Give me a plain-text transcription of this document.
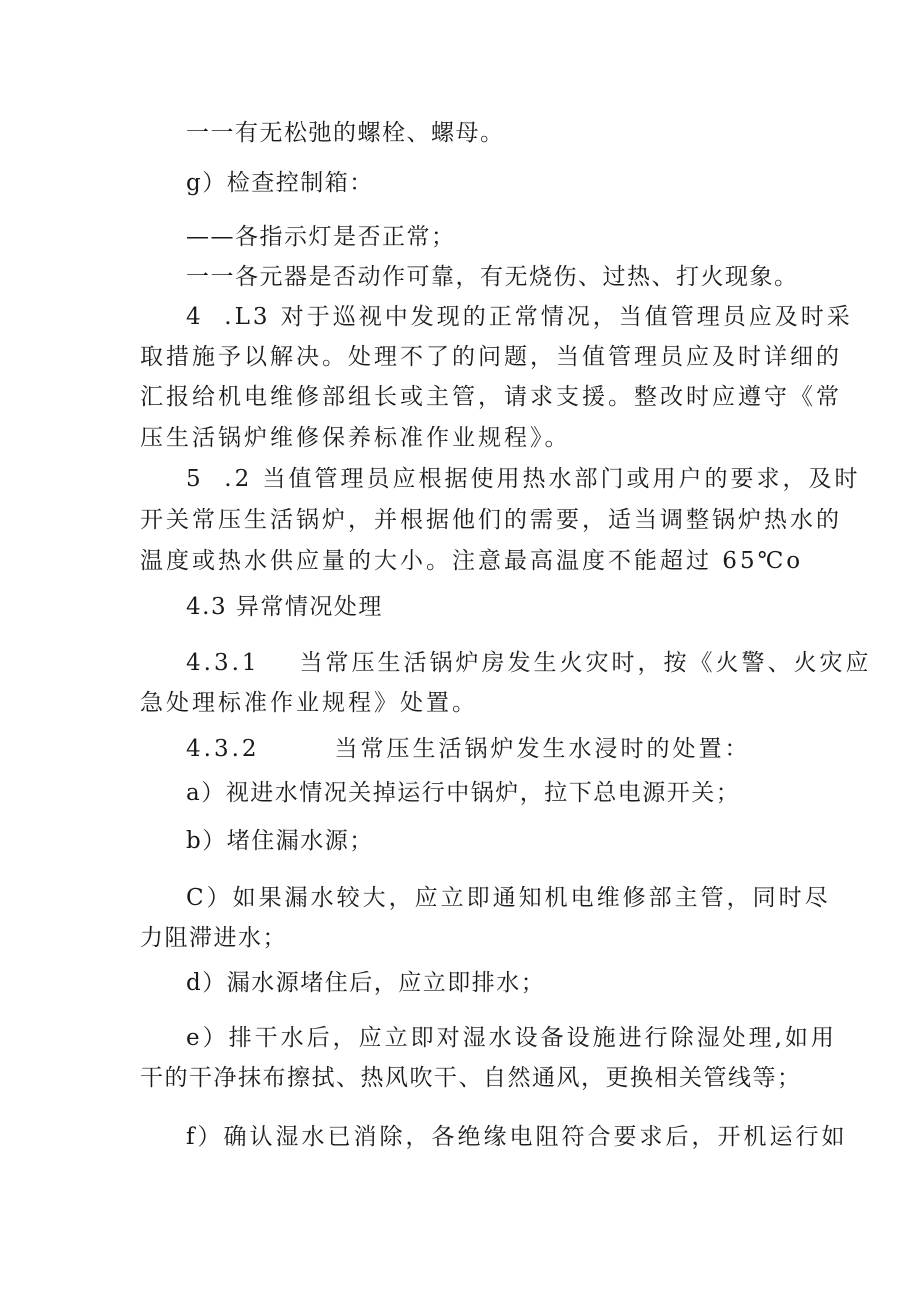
一一有无松弛的螺栓、螺母。
g）检查控制箱：
——各指示灯是否正常；
一一各元器是否动作可靠，有无烧伤、过热、打火现象。
4  .L3 对于巡视中发现的正常情况，当值管理员应及时采
取措施予以解决。处理不了的问题，当值管理员应及时详细的
汇报给机电维修部组长或主管，请求支援。整改时应遵守《常
压生活锅炉维修保养标准作业规程》。
5  .2 当值管理员应根据使用热水部门或用户的要求，及时
开关常压生活锅炉，并根据他们的需要，适当调整锅炉热水的
温度或热水供应量的大小。注意最高温度不能超过 65℃o
4.3 异常情况处理
4.3.1 当常压生活锅炉房发生火灾时，按《火警、火灾应
急处理标准作业规程》处置。
4.3.2	当常压生活锅炉发生水浸时的处置：
a）视进水情况关掉运行中锅炉，拉下总电源开关；
b）堵住漏水源；
C）如果漏水较大，应立即通知机电维修部主管，同时尽
力阻滞进水；
d）漏水源堵住后，应立即排水；
e）排干水后，应立即对湿水设备设施进行除湿处理,如用
干的干净抹布擦拭、热风吹干、自然通风，更换相关管线等；
f）确认湿水已消除，各绝缘电阻符合要求后，开机运行如
